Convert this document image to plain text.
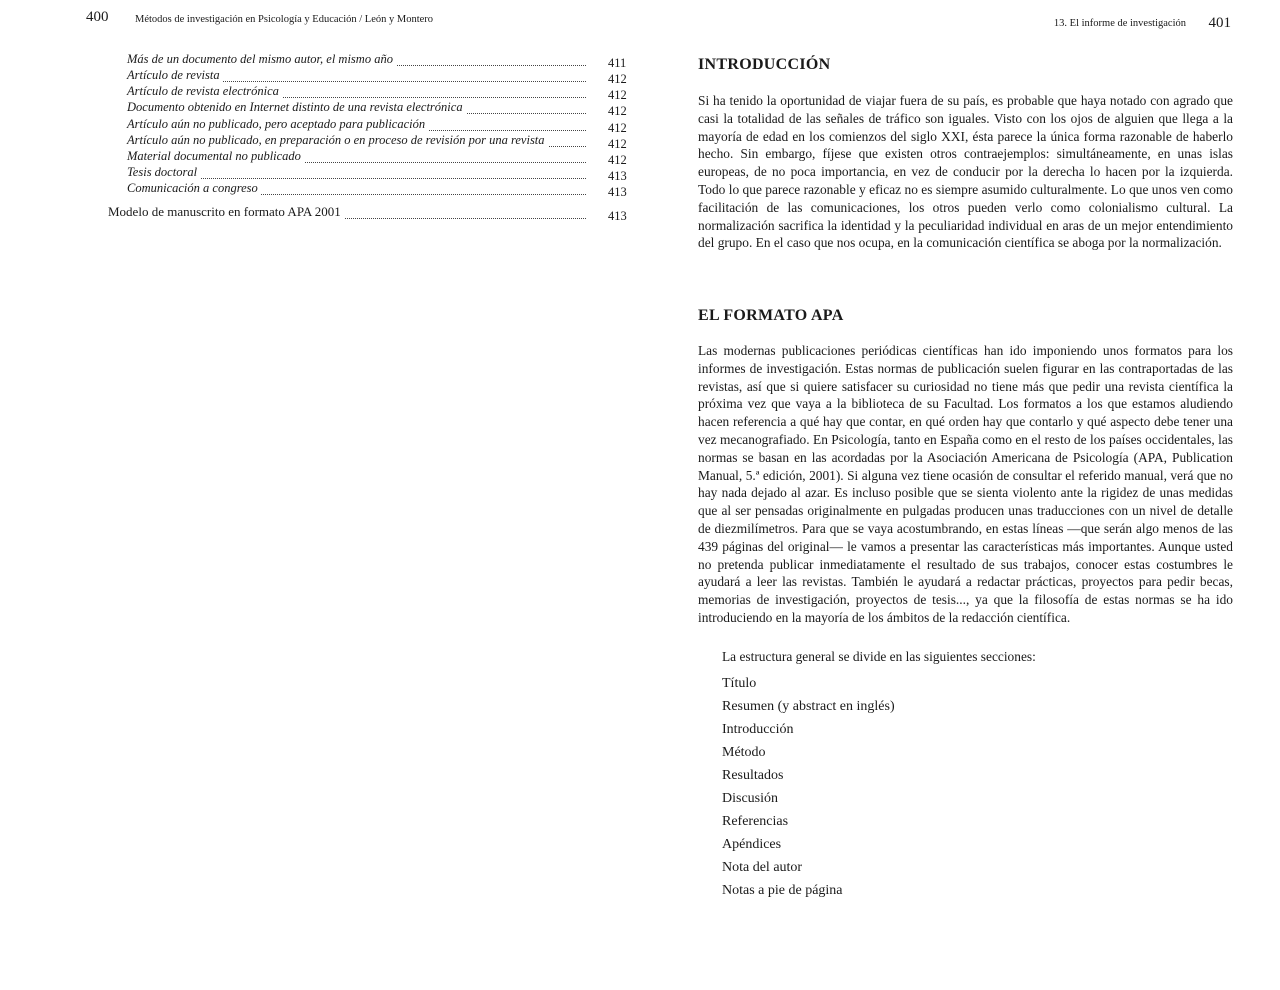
400	Métodos de investigación en Psicología y Educación / León y Montero
Más de un documento del mismo autor, el mismo año	411
Artículo de revista	412
Artículo de revista electrónica	412
Documento obtenido en Internet distinto de una revista electrónica	412
Artículo aún no publicado, pero aceptado para publicación	412
Artículo aún no publicado, en preparación o en proceso de revisión por una revista	412
Material documental no publicado	412
Tesis doctoral	413
Comunicación a congreso	413
Modelo de manuscrito en formato APA 2001	413
13. El informe de investigación 401
INTRODUCCIÓN

Si ha tenido la oportunidad de viajar fuera de su país, es probable que haya notado con agrado que casi la totalidad de las señales de tráfico son iguales. Visto con los ojos de alguien que llega a la mayoría de edad en los comienzos del siglo XXI, ésta parece la única forma razonable de haberlo hecho. Sin embargo, fíjese que existen otros contraejemplos: simultáneamente, en unas islas europeas, de no poca importancia, en vez de conducir por la derecha lo hacen por la izquierda. Todo lo que parece razonable y eficaz no es siempre asumido culturalmente. Lo que unos ven como facilitación de las comunicaciones, los otros pueden verlo como colonialismo cultural. La normalización sacrifica la identidad y la peculiaridad individual en aras de un mejor entendimiento del grupo. En el caso que nos ocupa, en la comunicación científica se aboga por la normalización.

EL FORMATO APA

Las modernas publicaciones periódicas científicas han ido imponiendo unos formatos para los informes de investigación. Estas normas de publicación suelen figurar en las contraportadas de las revistas, así que si quiere satisfacer su curiosidad no tiene más que pedir una revista científica la próxima vez que vaya a la biblioteca de su Facultad. Los formatos a los que estamos aludiendo hacen referencia a qué hay que contar, en qué orden hay que contarlo y qué aspecto debe tener una vez mecanografiado. En Psicología, tanto en España como en el resto de los países occidentales, las normas se basan en las acordadas por la Asociación Americana de Psicología (APA, Publication Manual, 5.ª edición, 2001). Si alguna vez tiene ocasión de consultar el referido manual, verá que no hay nada dejado al azar. Es incluso posible que se sienta violento ante la rigidez de unas medidas que al ser pensadas originalmente en pulgadas producen unas traducciones con un nivel de detalle de diezmilímetros. Para que se vaya acostumbrando, en estas líneas —que serán algo menos de las 439 páginas del original— le vamos a presentar las características más importantes. Aunque usted no pretenda publicar inmediatamente el resultado de sus trabajos, conocer estas costumbres le ayudará a leer las revistas. También le ayudará a redactar prácticas, proyectos para pedir becas, memorias de investigación, proyectos de tesis..., ya que la filosofía de estas normas se ha ido introduciendo en la mayoría de los ámbitos de la redacción científica.

La estructura general se divide en las siguientes secciones:
Título
Resumen (y abstract en inglés)
Introducción
Método
Resultados
Discusión
Referencias
Apéndices
Nota del autor
Notas a pie de página
